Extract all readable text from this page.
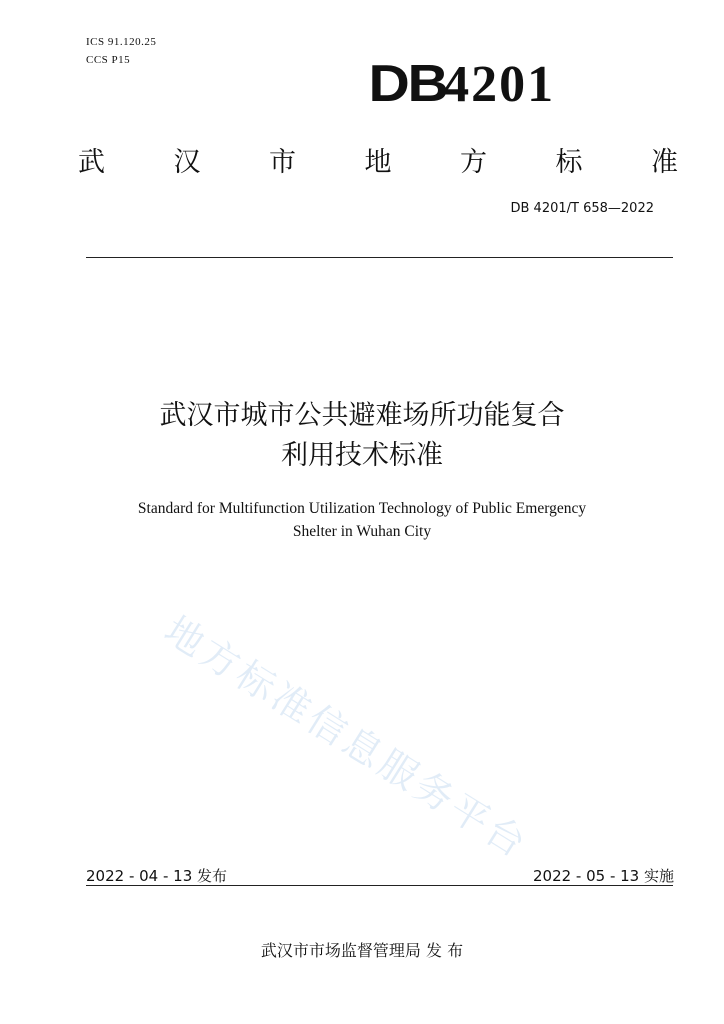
ICS 91.120.25
CCS P15	DB4201
武	汉	市	地	方	标	准
DB 4201/T 658—2022
武汉市城市公共避难场所功能复合
利用技术标准
Standard for Multifunction Utilization Technology of Public Emergency
Shelter in Wuhan City
地方标准信息服务平台
2022 - 04 - 13 发布	2022 - 05 - 13 实施
武汉市市场监督管理局 发 布
